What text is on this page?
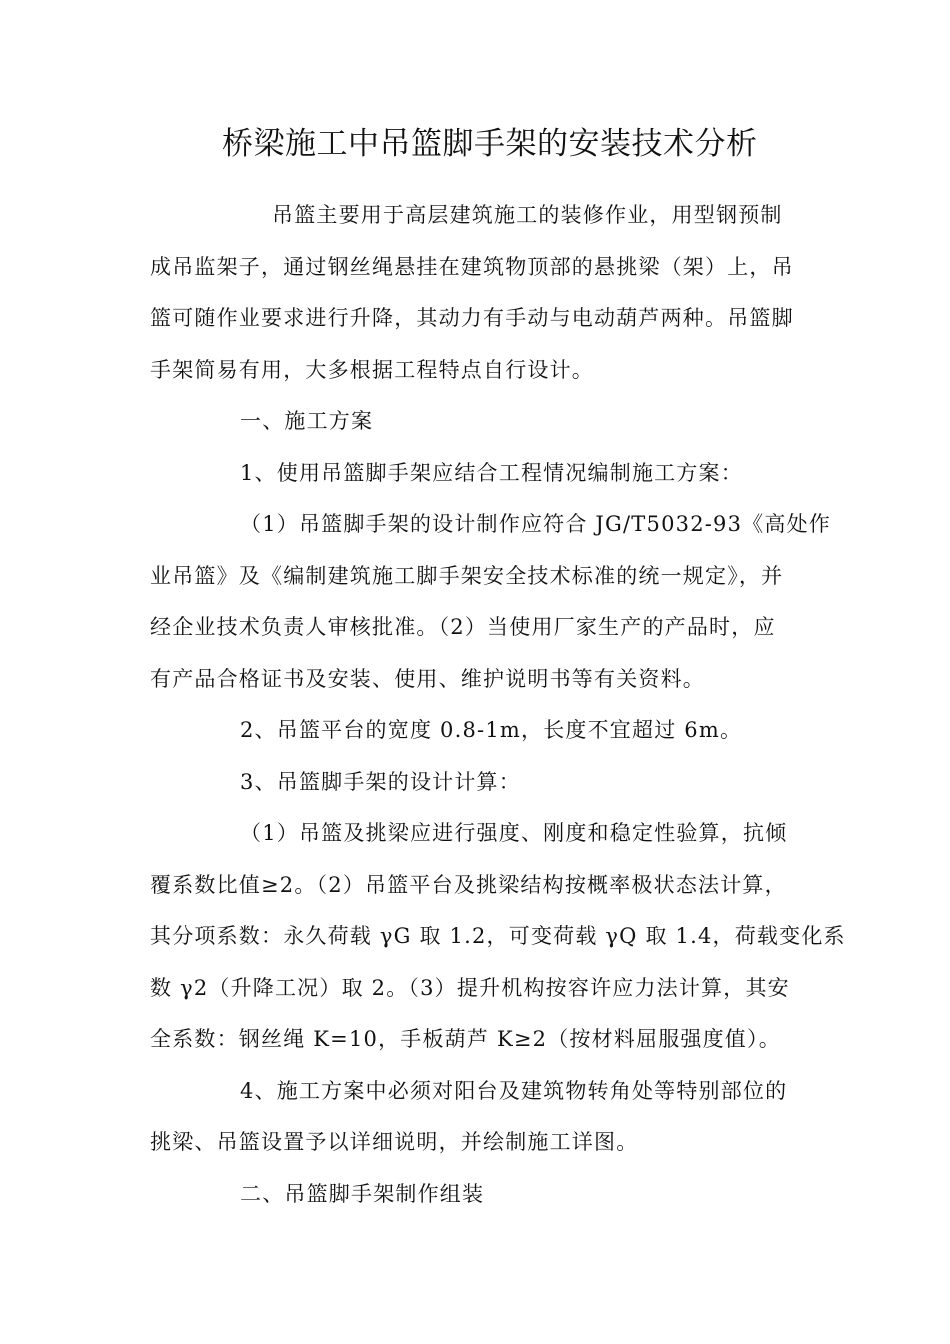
桥梁施工中吊篮脚手架的安装技术分析
吊篮主要用于高层建筑施工的装修作业，用型钢预制
成吊监架子，通过钢丝绳悬挂在建筑物顶部的悬挑梁（架）上，吊
篮可随作业要求进行升降，其动力有手动与电动葫芦两种。吊篮脚
手架简易有用，大多根据工程特点自行设计。
一、施工方案
1、使用吊篮脚手架应结合工程情况编制施工方案：
（1）吊篮脚手架的设计制作应符合 JG/T5032-93《高处作
业吊篮》及《编制建筑施工脚手架安全技术标准的统一规定》，并
经企业技术负责人审核批准。（2）当使用厂家生产的产品时，应
有产品合格证书及安装、使用、维护说明书等有关资料。
2、吊篮平台的宽度 0.8-1m，长度不宜超过 6m。
3、吊篮脚手架的设计计算：
（1）吊篮及挑梁应进行强度、刚度和稳定性验算，抗倾
覆系数比值≥2。（2）吊篮平台及挑梁结构按概率极状态法计算，
其分项系数：永久荷载 γG 取 1.2，可变荷载 γQ 取 1.4，荷载变化系
数 γ2（升降工况）取 2。（3）提升机构按容许应力法计算，其安
全系数：钢丝绳 K=10，手板葫芦 K≥2（按材料屈服强度值）。
4、施工方案中必须对阳台及建筑物转角处等特别部位的
挑梁、吊篮设置予以详细说明，并绘制施工详图。
二、吊篮脚手架制作组装
